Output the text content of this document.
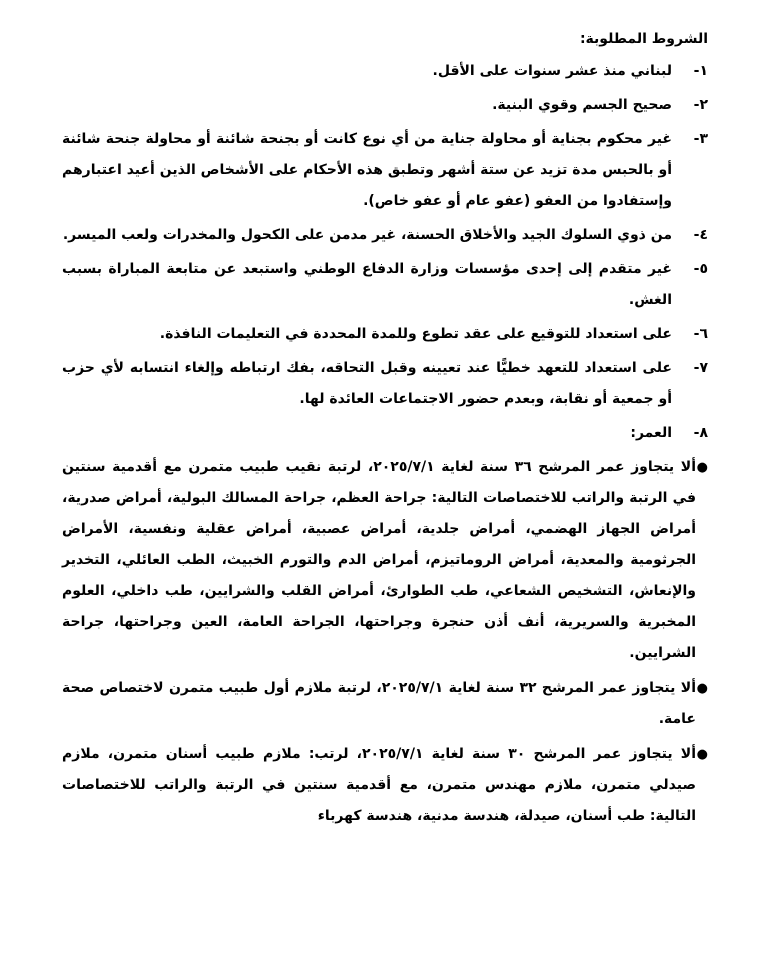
الشروط المطلوبة:

١-
لبناني منذ عشر سنوات على الأقل.
٢-
صحيح الجسم وقوي البنية.
٣-
غير محكوم بجناية أو محاولة جناية من أي نوع كانت أو بجنحة شائنة أو محاولة جنحة شائنة أو بالحبس مدة تزيد عن ستة أشهر وتطبق هذه الأحكام على الأشخاص الذين أعيد اعتبارهم وإستفادوا من العفو (عفو عام أو عفو خاص).
٤-
من ذوي السلوك الجيد والأخلاق الحسنة، غير مدمن على الكحول والمخدرات ولعب الميسر.
٥-
غير متقدم إلى إحدى مؤسسات وزارة الدفاع الوطني واستبعد عن متابعة المباراة بسبب الغش.
٦-
على استعداد للتوقيع على عقد تطوع وللمدة المحددة في التعليمات النافذة.
٧-
على استعداد للتعهد خطيًّا عند تعيينه وقبل التحاقه، بفك ارتباطه وإلغاء انتسابه لأي حزب أو جمعية أو نقابة، وبعدم حضور الاجتماعات العائدة لها.
٨-
العمر:
●
ألا يتجاوز عمر المرشح ٣٦ سنة لغاية ٢٠٢٥/٧/١، لرتبة نقيب طبيب متمرن مع أقدمية سنتين في الرتبة والراتب للاختصاصات التالية: جراحة العظم، جراحة المسالك البولية، أمراض صدرية، أمراض الجهاز الهضمي، أمراض جلدية، أمراض عصبية، أمراض عقلية ونفسية، الأمراض الجرثومية والمعدية، أمراض الروماتيزم، أمراض الدم والتورم الخبيث، الطب العائلي، التخدير والإنعاش، التشخيص الشعاعي، طب الطوارئ، أمراض القلب والشرايين، طب داخلي، العلوم المخبرية والسريرية، أنف أذن حنجرة وجراحتها، الجراحة العامة، العين وجراحتها، جراحة الشرايين.
●
ألا يتجاوز عمر المرشح ٣٢ سنة لغاية ٢٠٢٥/٧/١، لرتبة ملازم أول طبيب متمرن لاختصاص صحة عامة.
●
ألا يتجاوز عمر المرشح ٣٠ سنة لغاية ٢٠٢٥/٧/١، لرتب: ملازم طبيب أسنان متمرن، ملازم صيدلي متمرن، ملازم مهندس متمرن، مع أقدمية سنتين في الرتبة والراتب للاختصاصات التالية: طب أسنان، صيدلة، هندسة مدنية، هندسة كهرباء
